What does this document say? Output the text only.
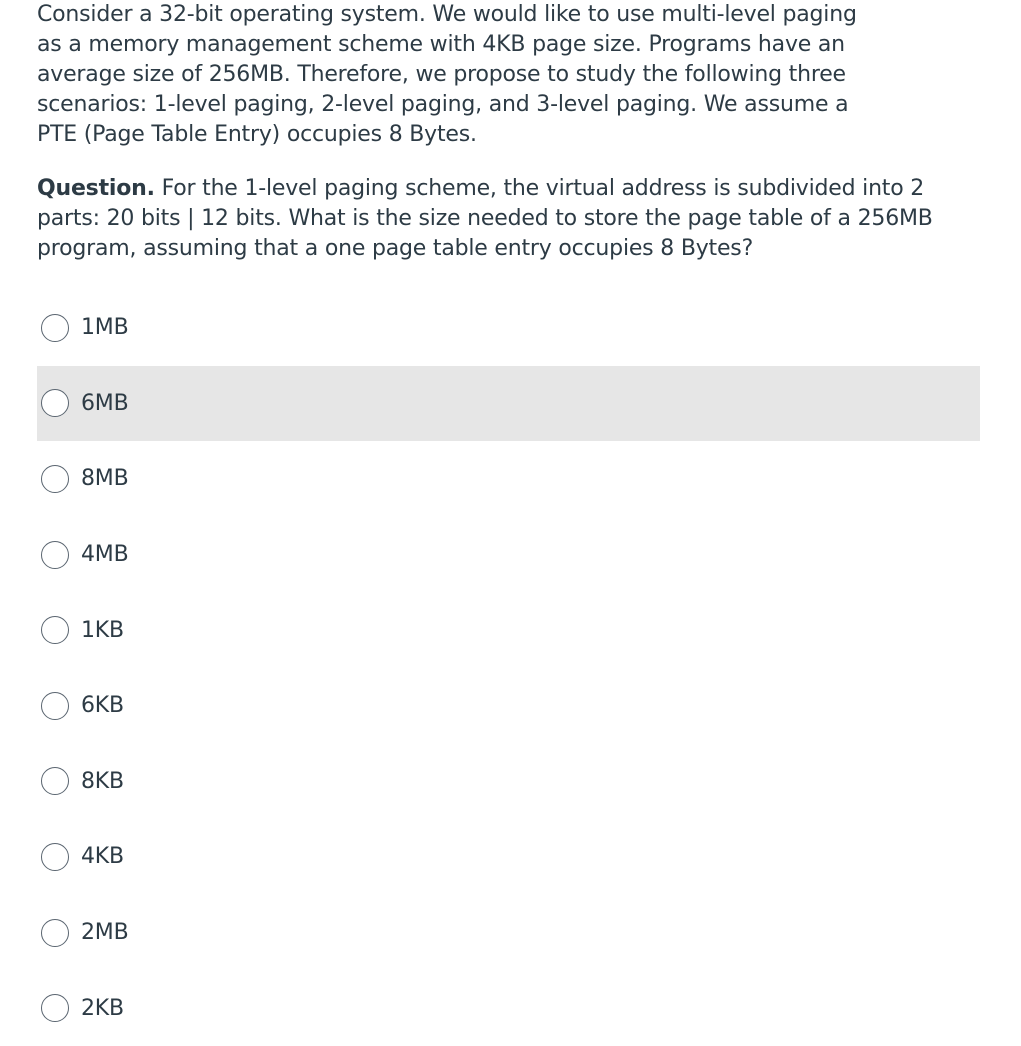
Consider a 32-bit operating system. We would like to use multi-level paging
as a memory management scheme with 4KB page size. Programs have an
average size of 256MB. Therefore, we propose to study the following three
scenarios: 1-level paging, 2-level paging, and 3-level paging. We assume a
PTE (Page Table Entry) occupies 8 Bytes.

Question. For the 1-level paging scheme, the virtual address is subdivided into 2
parts: 20 bits | 12 bits. What is the size needed to store the page table of a 256MB
program, assuming that a one page table entry occupies 8 Bytes?

1MB
6MB
8MB
4MB
1KB
6KB
8KB
4KB
2MB
2KB
